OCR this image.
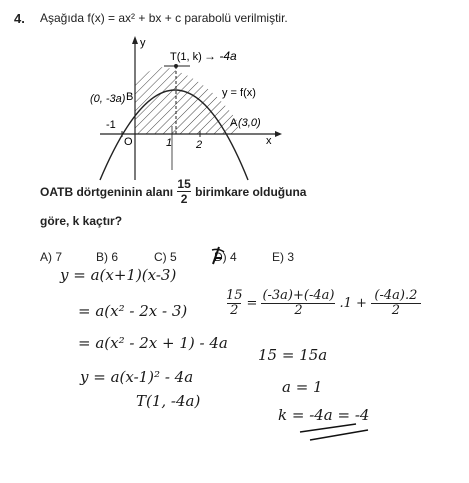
4. Aşağıda f(x) = ax² + bx + c parabolü verilmiştir.
y
x
T(1, k)
y = f(x)
O
A
B
-1
→ -4a
(0, -3a)
(3,0)
1 2
OATB dörtgeninin alanı $\frac{15}{2}$ birimkare olduğuna
göre, k kaçtır?
A) 7	B) 6	C) 5	D) 4	E) 3
y = a(x+1)(x-3)
= a(x² - 2x - 3)
= a(x² - 2x + 1) - 4a
y = a(x-1)² - 4a
T(1, -4a)
$\frac{15}{2} = \frac{(-3a)+(-4a)}{2} .1 + \frac{(-4a).2}{2}$
15 = 15a
a = 1
k = -4a = -4
